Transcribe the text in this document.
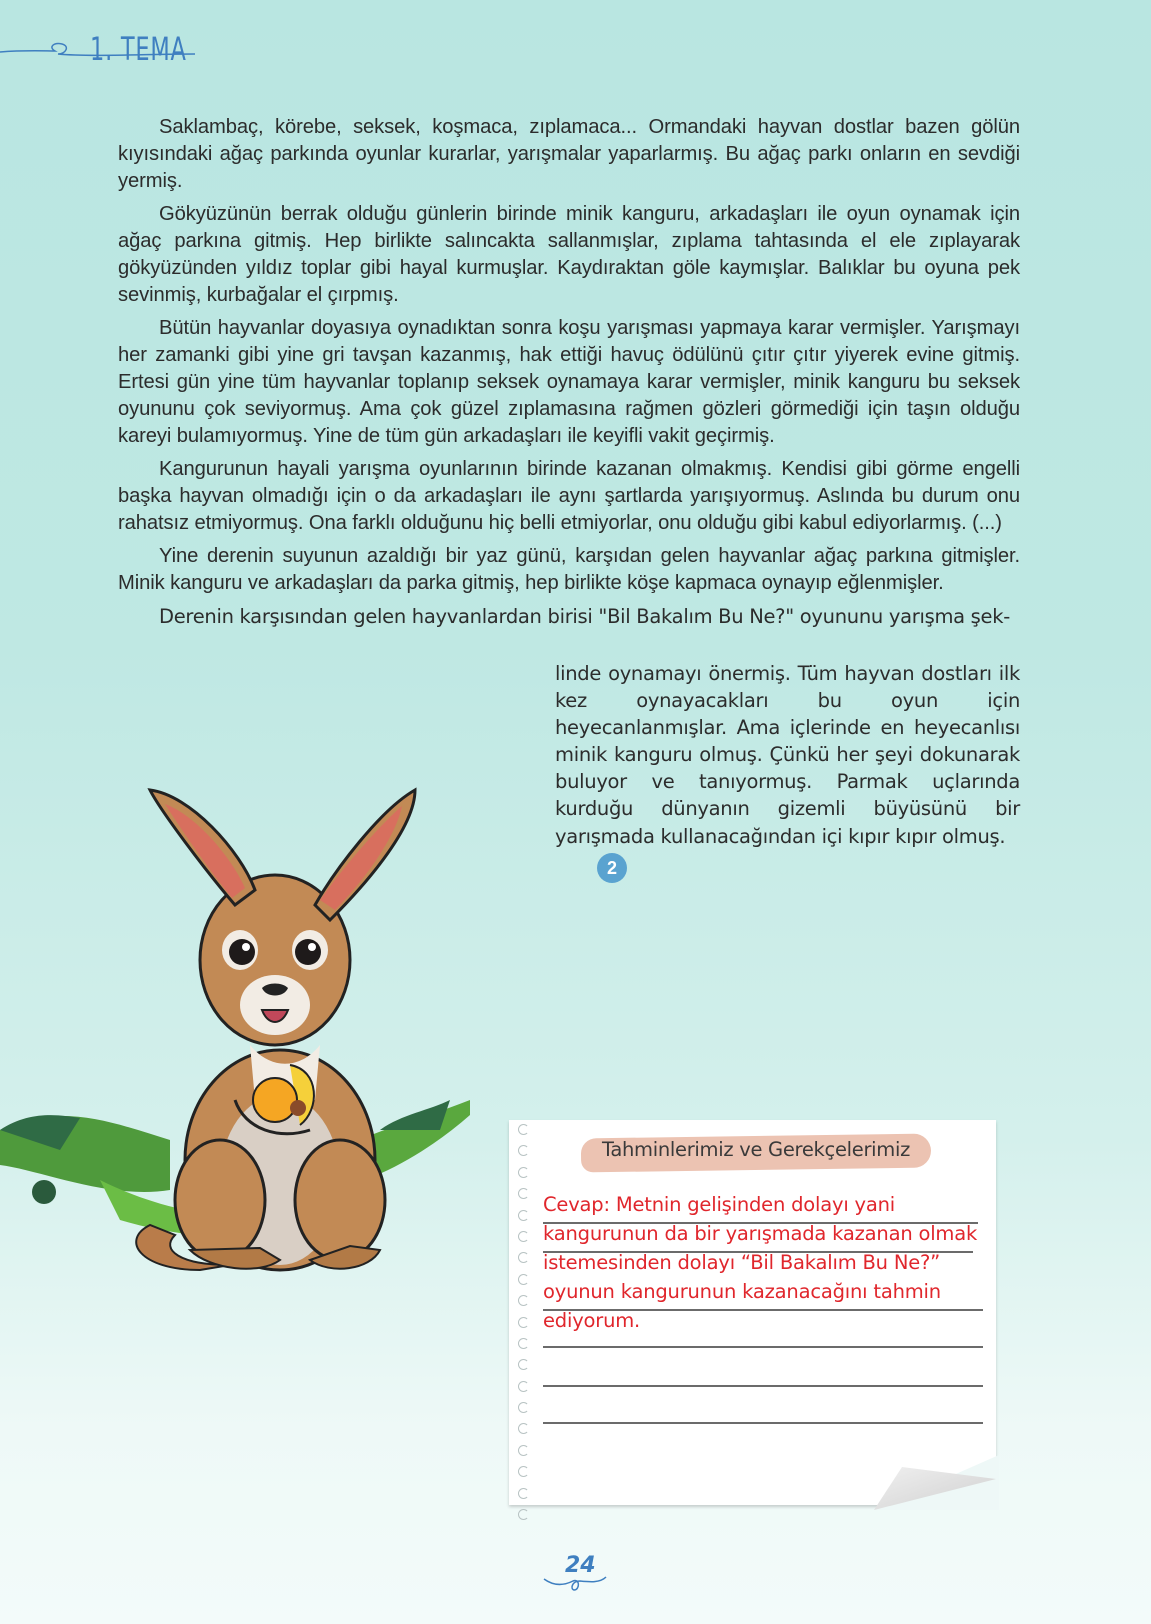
1. TEMA

Saklambaç, körebe, seksek, koşmaca, zıplamaca... Ormandaki hayvan dostlar bazen gölün kıyısındaki ağaç parkında oyunlar kurarlar, yarışmalar yaparlarmış. Bu ağaç parkı onların en sevdiği yermiş.

Gökyüzünün berrak olduğu günlerin birinde minik kanguru, arkadaşları ile oyun oynamak için ağaç parkına gitmiş. Hep birlikte salıncakta sallanmışlar, zıplama tahtasında el ele zıplayarak gökyüzünden yıldız toplar gibi hayal kurmuşlar. Kaydıraktan göle kaymışlar. Balıklar bu oyuna pek sevinmiş, kurbağalar el çırpmış.

Bütün hayvanlar doyasıya oynadıktan sonra koşu yarışması yapmaya karar vermişler. Yarışmayı her zamanki gibi yine gri tavşan kazanmış, hak ettiği havuç ödülünü çıtır çıtır yiyerek evine gitmiş. Ertesi gün yine tüm hayvanlar toplanıp seksek oynamaya karar vermişler, minik kanguru bu seksek oyununu çok seviyormuş. Ama çok güzel zıplamasına rağmen gözleri görmediği için taşın olduğu kareyi bulamıyormuş. Yine de tüm gün arkadaşları ile keyifli vakit geçirmiş.

Kangurunun hayali yarışma oyunlarının birinde kazanan olmakmış. Kendisi gibi görme engelli başka hayvan olmadığı için o da arkadaşları ile aynı şartlarda yarışıyormuş. Aslında bu durum onu rahatsız etmiyormuş. Ona farklı olduğunu hiç belli etmiyorlar, onu olduğu gibi kabul ediyorlarmış. (...)

Yine derenin suyunun azaldığı bir yaz günü, karşıdan gelen hayvanlar ağaç parkına gitmişler. Minik kanguru ve arkadaşları da parka gitmiş, hep birlikte köşe kapmaca oynayıp eğlenmişler.

Derenin karşısından gelen hayvanlardan birisi "Bil Bakalım Bu Ne?" oyununu yarışma şek-

linde oynamayı önermiş. Tüm hayvan dostları ilk kez oynayacakları bu oyun için heyecanlanmışlar. Ama içlerinde en heyecanlısı minik kanguru olmuş. Çünkü her şeyi dokunarak buluyor ve tanıyormuş. Parmak uçlarında kurduğu dünyanın gizemli büyüsünü bir yarışmada kullanacağından içi kıpır kıpır olmuş.
2
Tahminlerimiz ve Gerekçelerimiz
Cevap: Metnin gelişinden dolayı yani
kangurunun da bir yarışmada kazanan olmak
istemesinden dolayı “Bil Bakalım Bu Ne?”
oyunun kangurunun kazanacağını tahmin
ediyorum.
24
